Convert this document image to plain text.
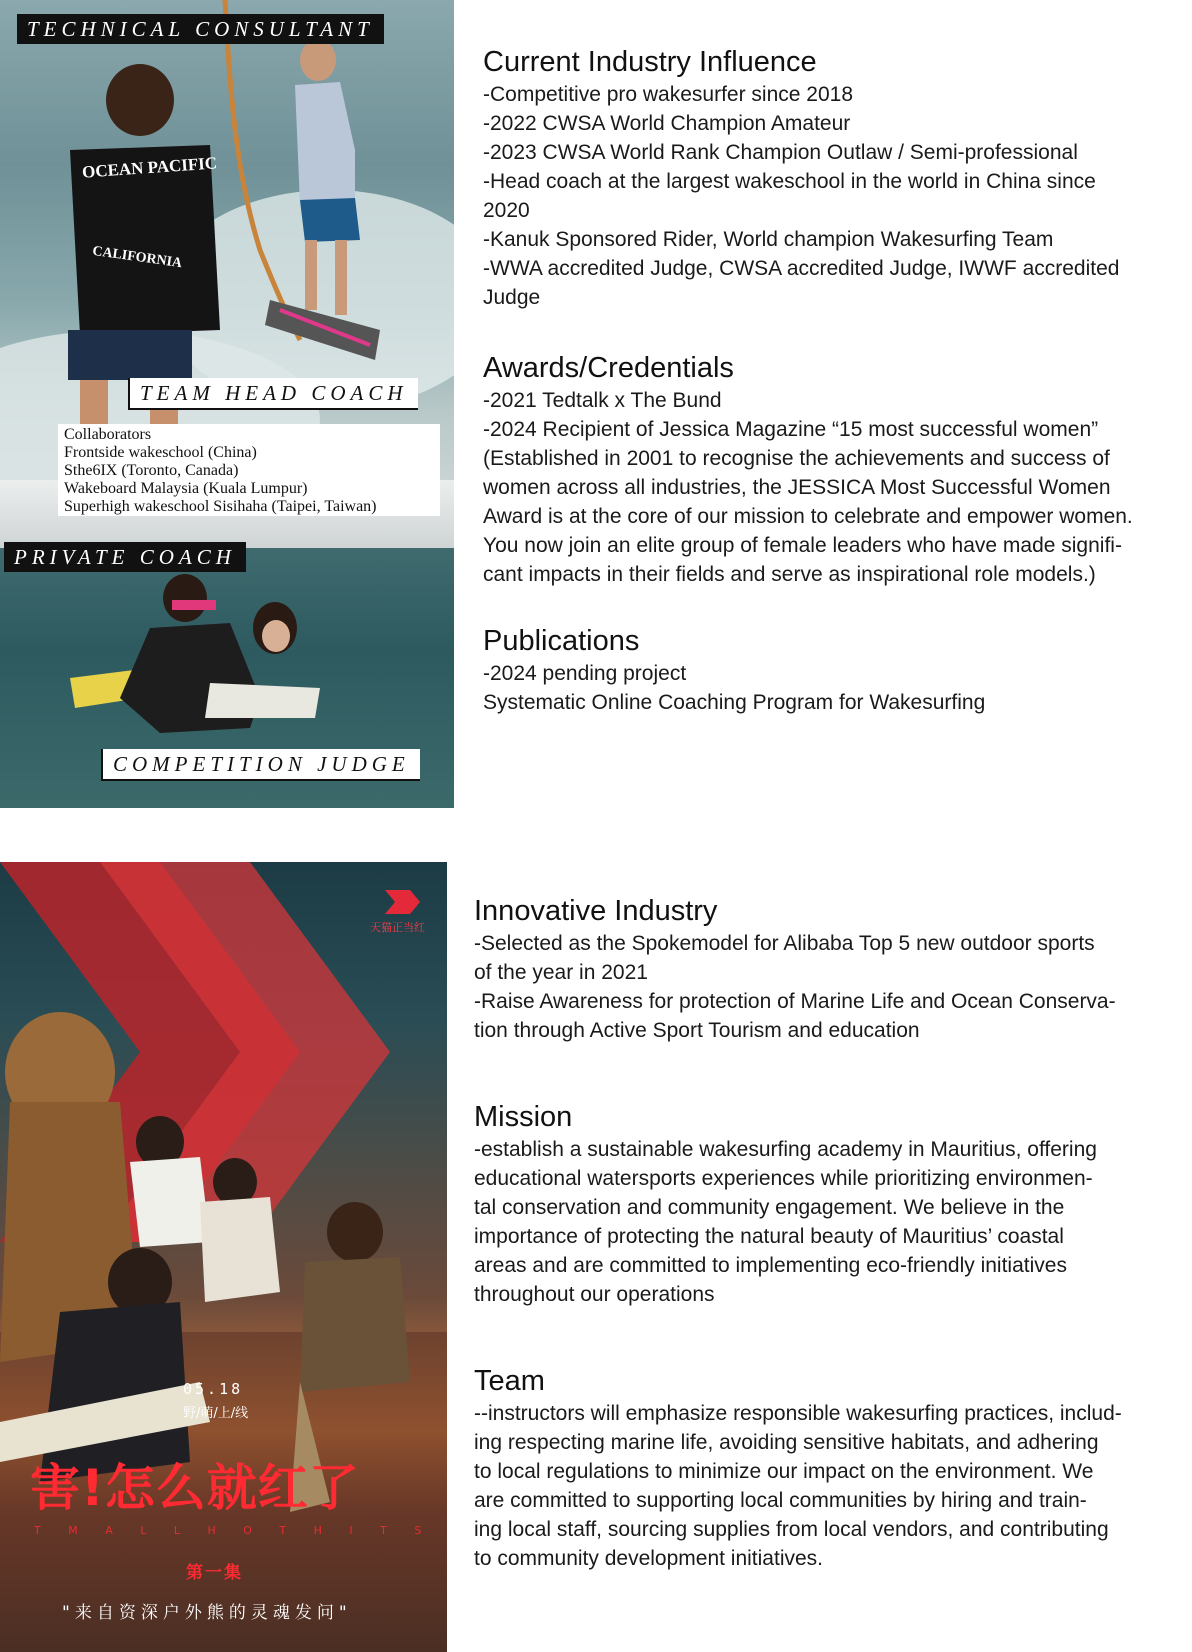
OCEAN PACIFIC
CALIFORNIA
TECHNICAL CONSULTANT
TEAM HEAD COACH
Collaborators
Frontside wakeschool (China)
Sthe6IX (Toronto, Canada)
Wakeboard Malaysia (Kuala Lumpur)
Superhigh wakeschool Sisihaha (Taipei, Taiwan)
PRIVATE COACH
COMPETITION JUDGE
天猫正当红
05.18
野/萌/上/线
害!怎么就红了
T M A L L H O T H I T S
第一集
"来自资深户外熊的灵魂发问"
Current Industry Influence
-Competitive pro wakesurfer since 2018
-2022 CWSA World Champion Amateur
-2023 CWSA World Rank Champion Outlaw / Semi-professional
-Head coach at the largest wakeschool in the world in China since
2020
-Kanuk Sponsored Rider, World champion Wakesurfing Team
-WWA accredited Judge, CWSA accredited Judge, IWWF accredited
Judge
Awards/Credentials
-2021 Tedtalk x The Bund
-2024 Recipient of Jessica Magazine “15 most successful women”
(Established in 2001 to recognise the achievements and success of
women across all industries, the JESSICA Most Successful Women
Award is at the core of our mission to celebrate and empower women.
You now join an elite group of female leaders who have made signifi-
cant impacts in their fields and serve as inspirational role models.)
Publications
-2024 pending project
Systematic Online Coaching Program for Wakesurfing
Innovative Industry
-Selected as the Spokemodel for Alibaba Top 5 new outdoor sports
of the year in 2021
-Raise Awareness for protection of Marine Life and Ocean Conserva-
tion through Active Sport Tourism and education
Mission
-establish a sustainable wakesurfing academy in Mauritius, offering
educational watersports experiences while prioritizing environmen-
tal conservation and community engagement. We believe in the
importance of protecting the natural beauty of Mauritius’ coastal
areas and are committed to implementing eco-friendly initiatives
throughout our operations
Team
--instructors will emphasize responsible wakesurfing practices, includ-
ing respecting marine life, avoiding sensitive habitats, and adhering
to local regulations to minimize our impact on the environment. We
are committed to supporting local communities by hiring and train-
ing local staff, sourcing supplies from local vendors, and contributing
to community development initiatives.
